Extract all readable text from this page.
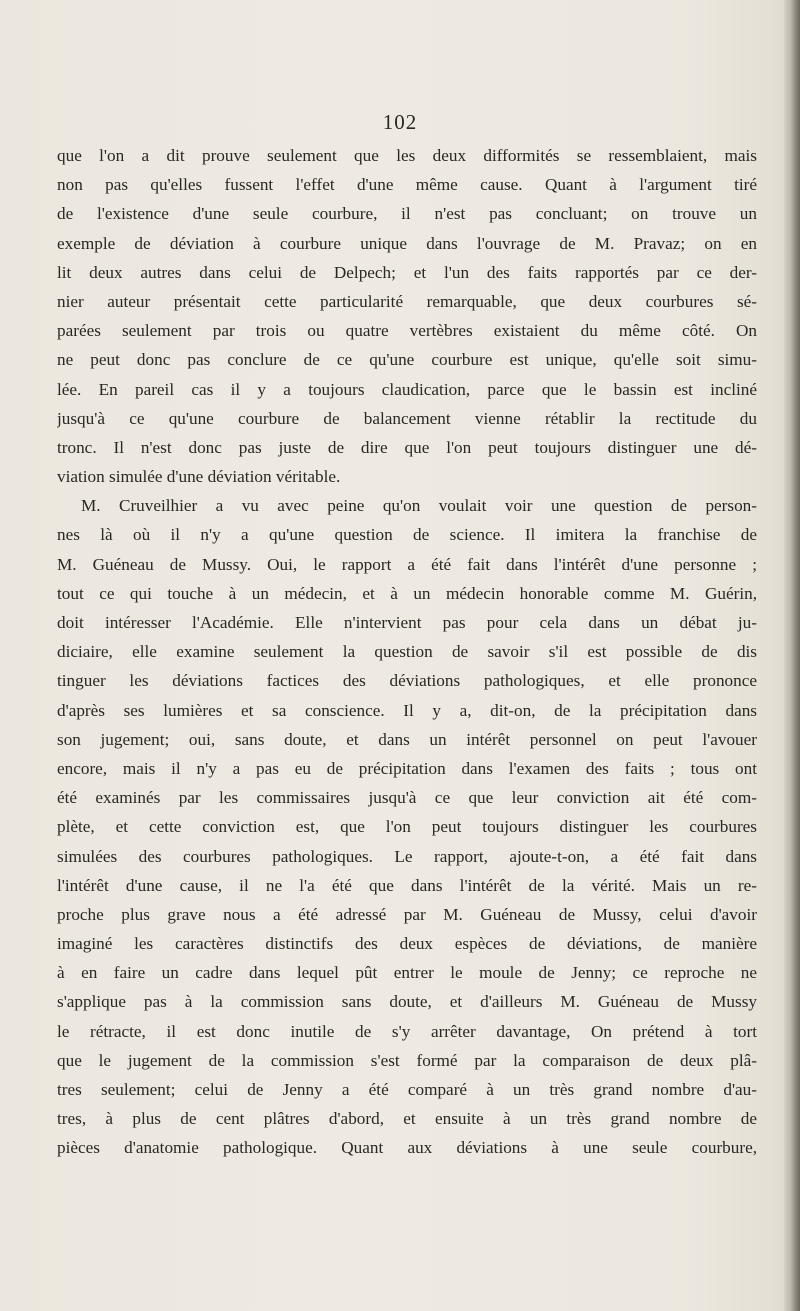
102
que l'on a dit prouve seulement que les deux difformités se ressemblaient, mais
non pas qu'elles fussent l'effet d'une même cause. Quant à l'argument tiré
de l'existence d'une seule courbure, il n'est pas concluant; on trouve un
exemple de déviation à courbure unique dans l'ouvrage de M. Pravaz; on en
lit deux autres dans celui de Delpech; et l'un des faits rapportés par ce der-
nier auteur présentait cette particularité remarquable, que deux courbures sé-
parées seulement par trois ou quatre vertèbres existaient du même côté. On
ne peut donc pas conclure de ce qu'une courbure est unique, qu'elle soit simu-
lée. En pareil cas il y a toujours claudication, parce que le bassin est incliné
jusqu'à ce qu'une courbure de balancement vienne rétablir la rectitude du
tronc. Il n'est donc pas juste de dire que l'on peut toujours distinguer une dé-
viation simulée d'une déviation véritable.
M. Cruveilhier a vu avec peine qu'on voulait voir une question de person-
nes là où il n'y a qu'une question de science. Il imitera la franchise de
M. Guéneau de Mussy. Oui, le rapport a été fait dans l'intérêt d'une personne ;
tout ce qui touche à un médecin, et à un médecin honorable comme M. Guérin,
doit intéresser l'Académie. Elle n'intervient pas pour cela dans un débat ju-
diciaire, elle examine seulement la question de savoir s'il est possible de dis
tinguer les déviations factices des déviations pathologiques, et elle prononce
d'après ses lumières et sa conscience. Il y a, dit-on, de la précipitation dans
son jugement; oui, sans doute, et dans un intérêt personnel on peut l'avouer
encore, mais il n'y a pas eu de précipitation dans l'examen des faits ; tous ont
été examinés par les commissaires jusqu'à ce que leur conviction ait été com-
plète, et cette conviction est, que l'on peut toujours distinguer les courbures
simulées des courbures pathologiques. Le rapport, ajoute-t-on, a été fait dans
l'intérêt d'une cause, il ne l'a été que dans l'intérêt de la vérité. Mais un re-
proche plus grave nous a été adressé par M. Guéneau de Mussy, celui d'avoir
imaginé les caractères distinctifs des deux espèces de déviations, de manière
à en faire un cadre dans lequel pût entrer le moule de Jenny; ce reproche ne
s'applique pas à la commission sans doute, et d'ailleurs M. Guéneau de Mussy
le rétracte, il est donc inutile de s'y arrêter davantage, On prétend à tort
que le jugement de la commission s'est formé par la comparaison de deux plâ-
tres seulement; celui de Jenny a été comparé à un très grand nombre d'au-
tres, à plus de cent plâtres d'abord, et ensuite à un très grand nombre de
pièces d'anatomie pathologique. Quant aux déviations à une seule courbure,
